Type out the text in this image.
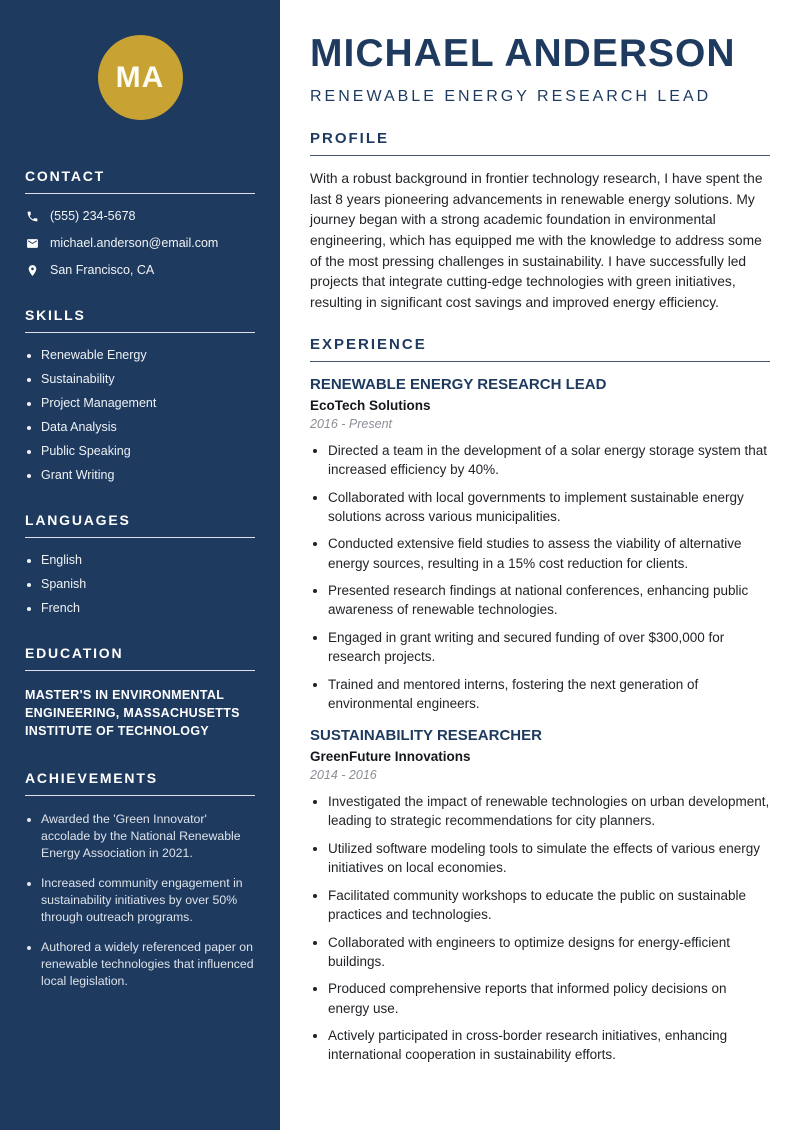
MA
CONTACT
(555) 234-5678
michael.anderson@email.com
San Francisco, CA
SKILLS
• Renewable Energy
• Sustainability
• Project Management
• Data Analysis
• Public Speaking
• Grant Writing
LANGUAGES
• English
• Spanish
• French
EDUCATION

MASTER'S IN ENVIRONMENTAL ENGINEERING, MASSACHUSETTS INSTITUTE OF TECHNOLOGY

ACHIEVEMENTS
• Awarded the 'Green Innovator' accolade by the National Renewable Energy Association in 2021.
• Increased community engagement in sustainability initiatives by over 50% through outreach programs.
• Authored a widely referenced paper on renewable technologies that influenced local legislation.
MICHAEL ANDERSON
RENEWABLE ENERGY RESEARCH LEAD
PROFILE

With a robust background in frontier technology research, I have spent the last 8 years pioneering advancements in renewable energy solutions. My journey began with a strong academic foundation in environmental engineering, which has equipped me with the knowledge to address some of the most pressing challenges in sustainability. I have successfully led projects that integrate cutting-edge technologies with green initiatives, resulting in significant cost savings and improved energy efficiency.

EXPERIENCE
RENEWABLE ENERGY RESEARCH LEAD
EcoTech Solutions
2016 - Present
• Directed a team in the development of a solar energy storage system that increased efficiency by 40%.
• Collaborated with local governments to implement sustainable energy solutions across various municipalities.
• Conducted extensive field studies to assess the viability of alternative energy sources, resulting in a 15% cost reduction for clients.
• Presented research findings at national conferences, enhancing public awareness of renewable technologies.
• Engaged in grant writing and secured funding of over $300,000 for research projects.
• Trained and mentored interns, fostering the next generation of environmental engineers.
SUSTAINABILITY RESEARCHER
GreenFuture Innovations
2014 - 2016
• Investigated the impact of renewable technologies on urban development, leading to strategic recommendations for city planners.
• Utilized software modeling tools to simulate the effects of various energy initiatives on local economies.
• Facilitated community workshops to educate the public on sustainable practices and technologies.
• Collaborated with engineers to optimize designs for energy-efficient buildings.
• Produced comprehensive reports that informed policy decisions on energy use.
• Actively participated in cross-border research initiatives, enhancing international cooperation in sustainability efforts.
